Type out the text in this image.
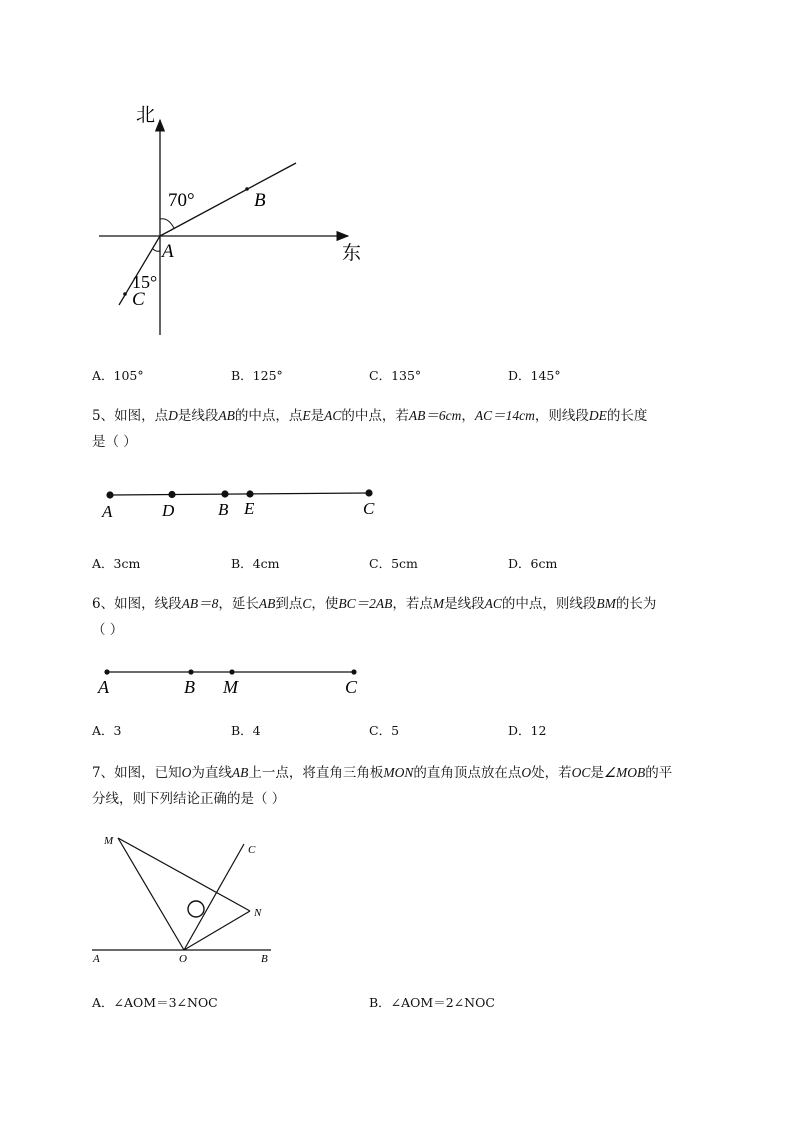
北
东
70°
15°
A
B
C
A．105°	B．125°	C．135°	D．145°
5、如图，点D是线段AB的中点，点E是AC的中点，若AB＝6cm，AC＝14cm，则线段DE的长度
是（ ）
A	D	B E	C
A．3cm	B．4cm	C．5cm	D．6cm
6、如图，线段AB＝8，延长AB到点C，使BC＝2AB，若点M是线段AC的中点，则线段BM的长为
（ ）
A	B M	C
A．3	B．4	C．5	D．12
7、如图，已知O为直线AB上一点，将直角三角板MON的直角顶点放在点O处，若OC是∠MOB的平
分线，则下列结论正确的是（ ）
M
C
N
A	O	B
A．∠AOM＝3∠NOC	B．∠AOM＝2∠NOC
